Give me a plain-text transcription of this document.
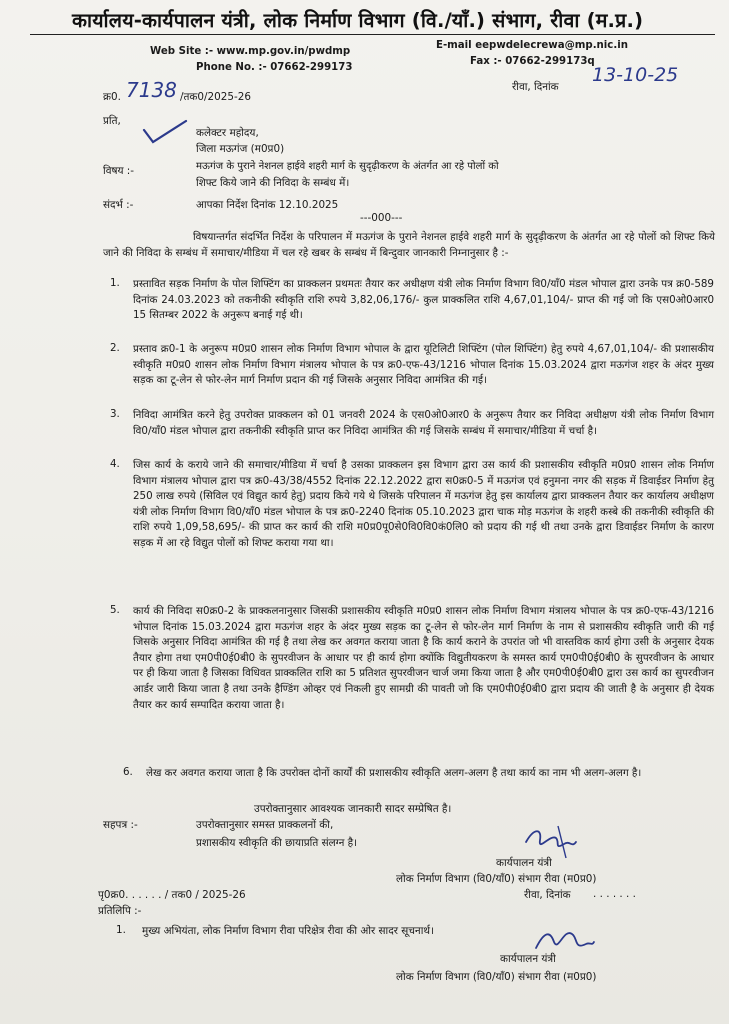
कार्यालय-कार्यपालन यंत्री, लोक निर्माण विभाग (वि./याँ.) संभाग, रीवा (म.प्र.)
Web Site :- www.mp.gov.in/pwdmp
Phone No. :- 07662-299173
E-mail eepwdelecrewa@mp.nic.in
Fax :- 07662-299173q
क्र0. 7138 /तक0/2025-26
रीवा, दिनांक
13-10-25
प्रति,
कलेक्टर महोदय,
जिला मऊगंज (म0प्र0)
विषय :-	मऊगंज के पुराने नेशनल हाईवे शहरी मार्ग के सुदृढ़ीकरण के अंतर्गत आ रहे पोलों को
शिफ्ट किये जाने की निविदा के सम्बंध में।
संदर्भ :-	आपका निर्देश दिनांक 12.10.2025
---000---
विषयान्तर्गत संदर्भित निर्देश के परिपालन में मऊगंज के पुराने नेशनल हाईवे शहरी मार्ग के सुदृढ़ीकरण के अंतर्गत आ रहे पोलों को शिफ्ट किये जाने की निविदा के सम्बंध में समाचार/मीडिया में चल रहे खबर के सम्बंध में बिन्दुवार जानकारी निम्नानुसार है :-
1. प्रस्तावित सड़क निर्माण के पोल शिफ्टिंग का प्राक्कलन प्रथमतः तैयार कर अधीक्षण यंत्री लोक निर्माण विभाग वि0/याँ0 मंडल भोपाल द्वारा उनके पत्र क्र0-589 दिनांक 24.03.2023 को तकनीकी स्वीकृति राशि रुपये 3,82,06,176/- कुल प्राक्कलित राशि 4,67,01,104/- प्राप्त की गई जो कि एस0ओ0आर0 15 सितम्बर 2022 के अनुरूप बनाई गई थी।
2. प्रस्ताव क्र0-1 के अनुरूप म0प्र0 शासन लोक निर्माण विभाग भोपाल के द्वारा यूटिलिटी शिफ्टिंग (पोल शिफ्टिंग) हेतु रुपये 4,67,01,104/- की प्रशासकीय स्वीकृति म0प्र0 शासन लोक निर्माण विभाग मंत्रालय भोपाल के पत्र क्र0-एफ-43/1216 भोपाल दिनांक 15.03.2024 द्वारा मऊगंज शहर के अंदर मुख्य सड़क का टू-लेन से फोर-लेन मार्ग निर्माण प्रदान की गई जिसके अनुसार निविदा आमंत्रित की गई।
3. निविदा आमंत्रित करने हेतु उपरोक्त प्राक्कलन को 01 जनवरी 2024 के एस0ओ0आर0 के अनुरूप तैयार कर निविदा अधीक्षण यंत्री लोक निर्माण विभाग वि0/याँ0 मंडल भोपाल द्वारा तकनीकी स्वीकृति प्राप्त कर निविदा आमंत्रित की गई जिसके सम्बंध में समाचार/मीडिया में चर्चा है।
4. जिस कार्य के कराये जाने की समाचार/मीडिया में चर्चा है उसका प्राक्कलन इस विभाग द्वारा उस कार्य की प्रशासकीय स्वीकृति म0प्र0 शासन लोक निर्माण विभाग मंत्रालय भोपाल द्वारा पत्र क्र0-43/38/4552 दिनांक 22.12.2022 द्वारा स0क्र0-5 में मऊगंज एवं हनुमना नगर की सड़क में डिवाईडर निर्माण हेतु 250 लाख रुपये (सिविल एवं विद्युत कार्य हेतु) प्रदाय किये गये थे जिसके परिपालन में मऊगंज हेतु इस कार्यालय द्वारा प्राक्कलन तैयार कर कार्यालय अधीक्षण यंत्री लोक निर्माण विभाग वि0/याँ0 मंडल भोपाल के पत्र क्र0-2240 दिनांक 05.10.2023 द्वारा चाक मोड़ मऊगंज के शहरी कस्बे की तकनीकी स्वीकृति की राशि रुपये 1,09,58,695/- की प्राप्त कर कार्य की राशि म0प्र0पू0से0वि0वि0कं0लि0 को प्रदाय की गई थी तथा उनके द्वारा डिवाईडर निर्माण के कारण सड़क में आ रहे विद्युत पोलों को शिफ्ट कराया गया था।
5. कार्य की निविदा स0क्र0-2 के प्राक्कलनानुसार जिसकी प्रशासकीय स्वीकृति म0प्र0 शासन लोक निर्माण विभाग मंत्रालय भोपाल के पत्र क्र0-एफ-43/1216 भोपाल दिनांक 15.03.2024 द्वारा मऊगंज शहर के अंदर मुख्य सड़क का टू-लेन से फोर-लेन मार्ग निर्माण के नाम से प्रशासकीय स्वीकृति जारी की गई जिसके अनुसार निविदा आमंत्रित की गई है तथा लेख कर अवगत कराया जाता है कि कार्य कराने के उपरांत जो भी वास्तविक कार्य होगा उसी के अनुसार देयक तैयार होगा तथा एम0पी0ई0बी0 के सुपरवीजन के आधार पर ही कार्य होगा क्योंकि विद्युतीयकरण के समस्त कार्य एम0पी0ई0बी0 के सुपरवीजन के आधार पर ही किया जाता है जिसका विधिवत प्राक्कलित राशि का 5 प्रतिशत सुपरवीजन चार्ज जमा किया जाता है और एम0पी0ई0बी0 द्वारा उस कार्य का सुपरवीजन आर्डर जारी किया जाता है तथा उनके हैण्डिंग ओव्हर एवं निकली हुए सामग्री की पावती जो कि एम0पी0ई0बी0 द्वारा प्रदाय की जाती है के अनुसार ही देयक तैयार कर कार्य सम्पादित कराया जाता है।
6. लेख कर अवगत कराया जाता है कि उपरोक्त दोनों कार्यों की प्रशासकीय स्वीकृति अलग-अलग है तथा कार्य का नाम भी अलग-अलग है।
उपरोक्तानुसार आवश्यक जानकारी सादर सम्प्रेषित है।
सहपत्र :-	उपरोक्तानुसार समस्त प्राक्कलनों की,
प्रशासकीय स्वीकृति की छायाप्रति संलग्न है।
कार्यपालन यंत्री
लोक निर्माण विभाग (वि0/याँ0) संभाग रीवा (म0प्र0)
रीवा, दिनांक . . . . . . .
पृ0क्र0. . . . . . / तक0 / 2025-26
प्रतिलिपि :-
1. मुख्य अभियंता, लोक निर्माण विभाग रीवा परिक्षेत्र रीवा की ओर सादर सूचनार्थ।
कार्यपालन यंत्री
लोक निर्माण विभाग (वि0/याँ0) संभाग रीवा (म0प्र0)
